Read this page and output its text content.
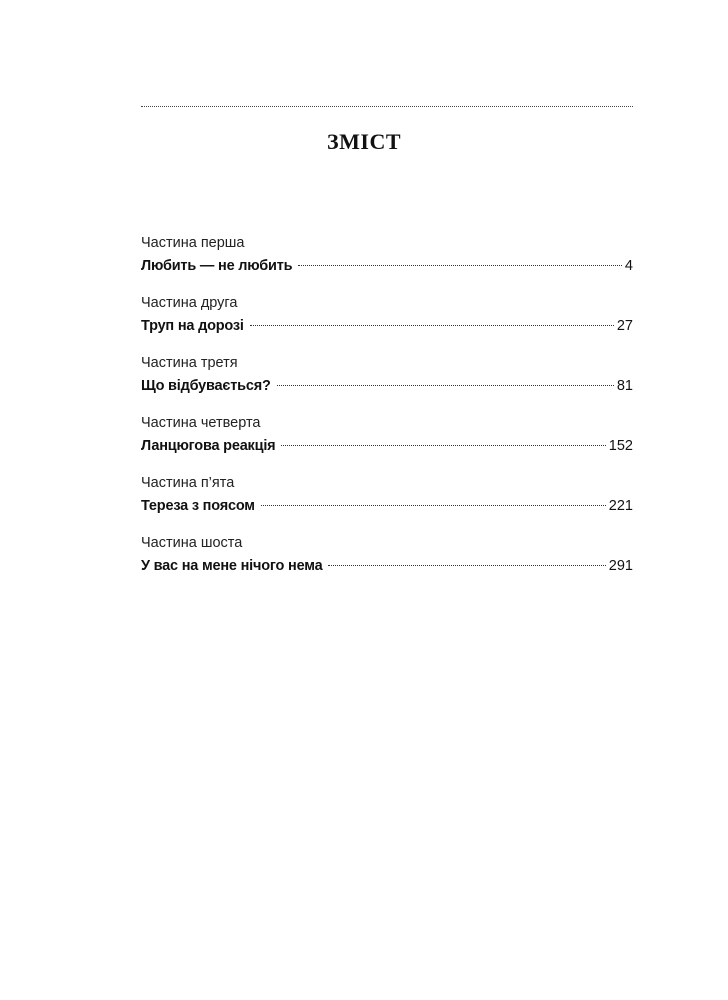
ЗМІСТ
Частина перша
Любить — не любить	4
Частина друга
Труп на дорозі	27
Частина третя
Що відбувається?	81
Частина четверта
Ланцюгова реакція	152
Частина п’ята
Тереза з поясом	221
Частина шоста
У вас на мене нічого нема	291
